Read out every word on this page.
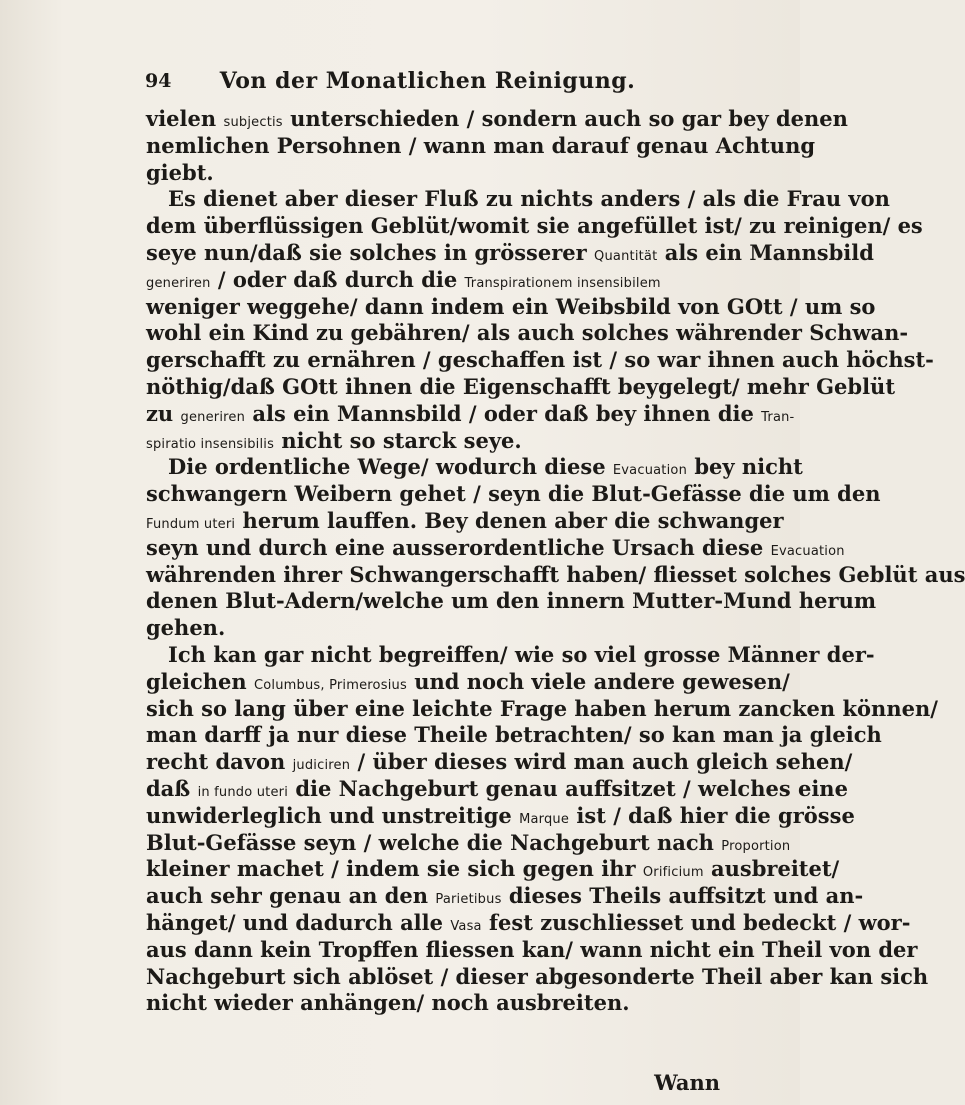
94	Von der Monatlichen Reinigung.
vielen subjectis unterschieden / sondern auch so gar bey denen
nemlichen Persohnen / wann man darauf genau Achtung
giebt.
Es dienet aber dieser Fluß zu nichts anders / als die Frau von
dem überflüssigen Geblüt/womit sie angefüllet ist/ zu reinigen/ es
seye nun/daß sie solches in grösserer Quantität als ein Mannsbild
generiren / oder daß durch die Transpirationem insensibilem
weniger weggehe/ dann indem ein Weibsbild von GOtt / um so
wohl ein Kind zu gebähren/ als auch solches währender Schwan-
gerschafft zu ernähren / geschaffen ist / so war ihnen auch höchst-
nöthig/daß GOtt ihnen die Eigenschafft beygelegt/ mehr Geblüt
zu generiren als ein Mannsbild / oder daß bey ihnen die Tran-
spiratio insensibilis nicht so starck seye.
Die ordentliche Wege/ wodurch diese Evacuation bey nicht
schwangern Weibern gehet / seyn die Blut-Gefässe die um den
Fundum uteri herum lauffen. Bey denen aber die schwanger
seyn und durch eine ausserordentliche Ursach diese Evacuation
währenden ihrer Schwangerschafft haben/ fliesset solches Geblüt aus
denen Blut-Adern/welche um den innern Mutter-Mund herum
gehen.
Ich kan gar nicht begreiffen/ wie so viel grosse Männer der-
gleichen Columbus, Primerosius und noch viele andere gewesen/
sich so lang über eine leichte Frage haben herum zancken können/
man darff ja nur diese Theile betrachten/ so kan man ja gleich
recht davon judiciren / über dieses wird man auch gleich sehen/
daß in fundo uteri die Nachgeburt genau auffsitzet / welches eine
unwiderleglich und unstreitige Marque ist / daß hier die grösse
Blut-Gefässe seyn / welche die Nachgeburt nach Proportion
kleiner machet / indem sie sich gegen ihr Orificium ausbreitet/
auch sehr genau an den Parietibus dieses Theils auffsitzt und an-
hänget/ und dadurch alle Vasa fest zuschliesset und bedeckt / wor-
aus dann kein Tropffen fliessen kan/ wann nicht ein Theil von der
Nachgeburt sich ablöset / dieser abgesonderte Theil aber kan sich
nicht wieder anhängen/ noch ausbreiten.
Wann
